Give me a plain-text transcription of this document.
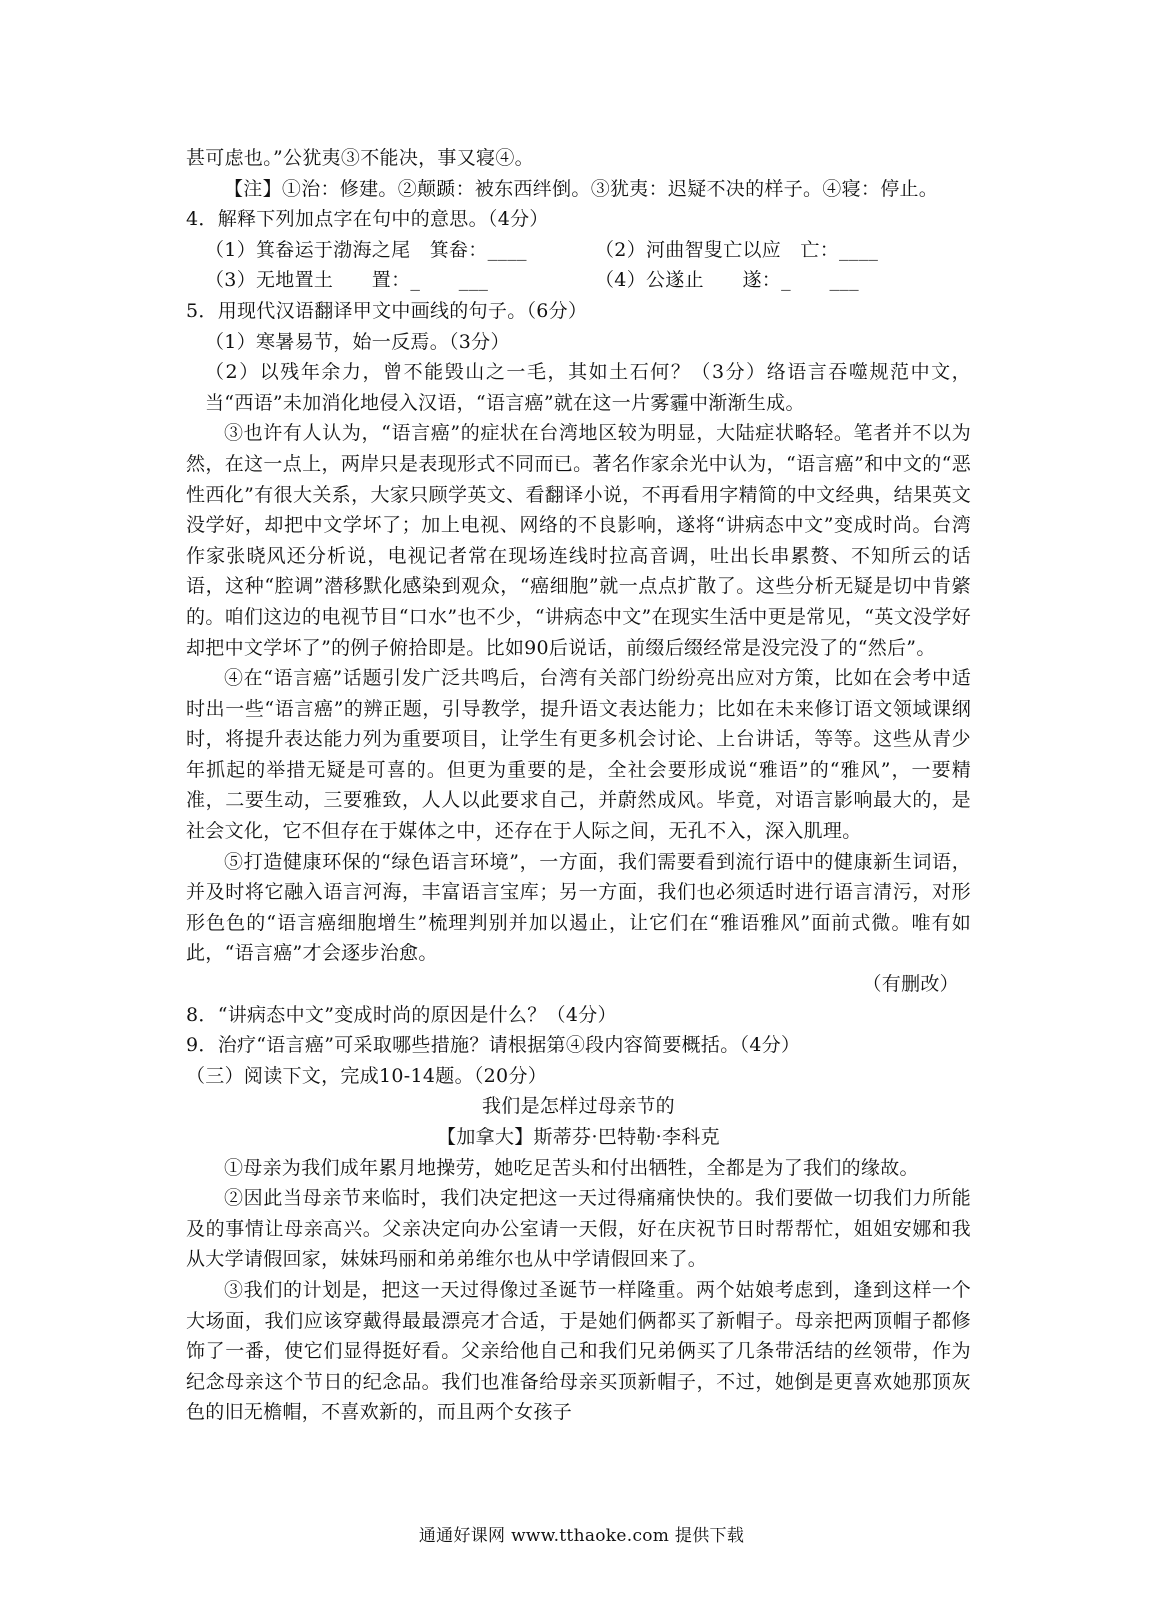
甚可虑也。”公犹夷③不能决，事又寝④。

【注】①治：修建。②颠踬：被东西绊倒。③犹夷：迟疑不决的样子。④寝：停止。

4．解释下列加点字在句中的意思。（4分）

（1）箕畚运于渤海之尾　箕畚：____	（2）河曲智叟亡以应　亡：____
（3）无地置土　　置：_　　___	（4）公遂止　　遂：_　　___

5．用现代汉语翻译甲文中画线的句子。（6分）

（1）寒暑易节，始一反焉。（3分）

（2）以残年余力，曾不能毁山之一毛，其如土石何？（3分）络语言吞噬规范中文，当“西语”未加消化地侵入汉语，“语言癌”就在这一片雾霾中渐渐生成。

③也许有人认为，“语言癌”的症状在台湾地区较为明显，大陆症状略轻。笔者并不以为然，在这一点上，两岸只是表现形式不同而已。著名作家余光中认为，“语言癌”和中文的“恶性西化”有很大关系，大家只顾学英文、看翻译小说，不再看用字精简的中文经典，结果英文没学好，却把中文学坏了；加上电视、网络的不良影响，遂将“讲病态中文”变成时尚。台湾作家张晓风还分析说，电视记者常在现场连线时拉高音调，吐出长串累赘、不知所云的话语，这种“腔调”潜移默化感染到观众，“癌细胞”就一点点扩散了。这些分析无疑是切中肯綮的。咱们这边的电视节目“口水”也不少，“讲病态中文”在现实生活中更是常见，“英文没学好却把中文学坏了”的例子俯拾即是。比如90后说话，前缀后缀经常是没完没了的“然后”。

④在“语言癌”话题引发广泛共鸣后，台湾有关部门纷纷亮出应对方策，比如在会考中适时出一些“语言癌”的辨正题，引导教学，提升语文表达能力；比如在未来修订语文领域课纲时，将提升表达能力列为重要项目，让学生有更多机会讨论、上台讲话，等等。这些从青少年抓起的举措无疑是可喜的。但更为重要的是，全社会要形成说“雅语”的“雅风”，一要精准，二要生动，三要雅致，人人以此要求自己，并蔚然成风。毕竟，对语言影响最大的，是社会文化，它不但存在于媒体之中，还存在于人际之间，无孔不入，深入肌理。

⑤打造健康环保的“绿色语言环境”，一方面，我们需要看到流行语中的健康新生词语，并及时将它融入语言河海，丰富语言宝库；另一方面，我们也必须适时进行语言清污，对形形色色的“语言癌细胞增生”梳理判别并加以遏止，让它们在“雅语雅风”面前式微。唯有如此，“语言癌”才会逐步治愈。

（有删改）

8．“讲病态中文”变成时尚的原因是什么？（4分）

9．治疗“语言癌”可采取哪些措施？请根据第④段内容简要概括。（4分）

（三）阅读下文，完成10-14题。（20分）

我们是怎样过母亲节的

【加拿大】斯蒂芬·巴特勒·李科克

①母亲为我们成年累月地操劳，她吃足苦头和付出牺牲，全都是为了我们的缘故。

②因此当母亲节来临时，我们决定把这一天过得痛痛快快的。我们要做一切我们力所能及的事情让母亲高兴。父亲决定向办公室请一天假，好在庆祝节日时帮帮忙，姐姐安娜和我从大学请假回家，妹妹玛丽和弟弟维尔也从中学请假回来了。

③我们的计划是，把这一天过得像过圣诞节一样隆重。两个姑娘考虑到，逢到这样一个大场面，我们应该穿戴得最最漂亮才合适，于是她们俩都买了新帽子。母亲把两顶帽子都修饰了一番，使它们显得挺好看。父亲给他自己和我们兄弟俩买了几条带活结的丝领带，作为纪念母亲这个节日的纪念品。我们也准备给母亲买顶新帽子，不过，她倒是更喜欢她那顶灰色的旧无檐帽，不喜欢新的，而且两个女孩子

通通好课网 www.tthaoke.com 提供下载
